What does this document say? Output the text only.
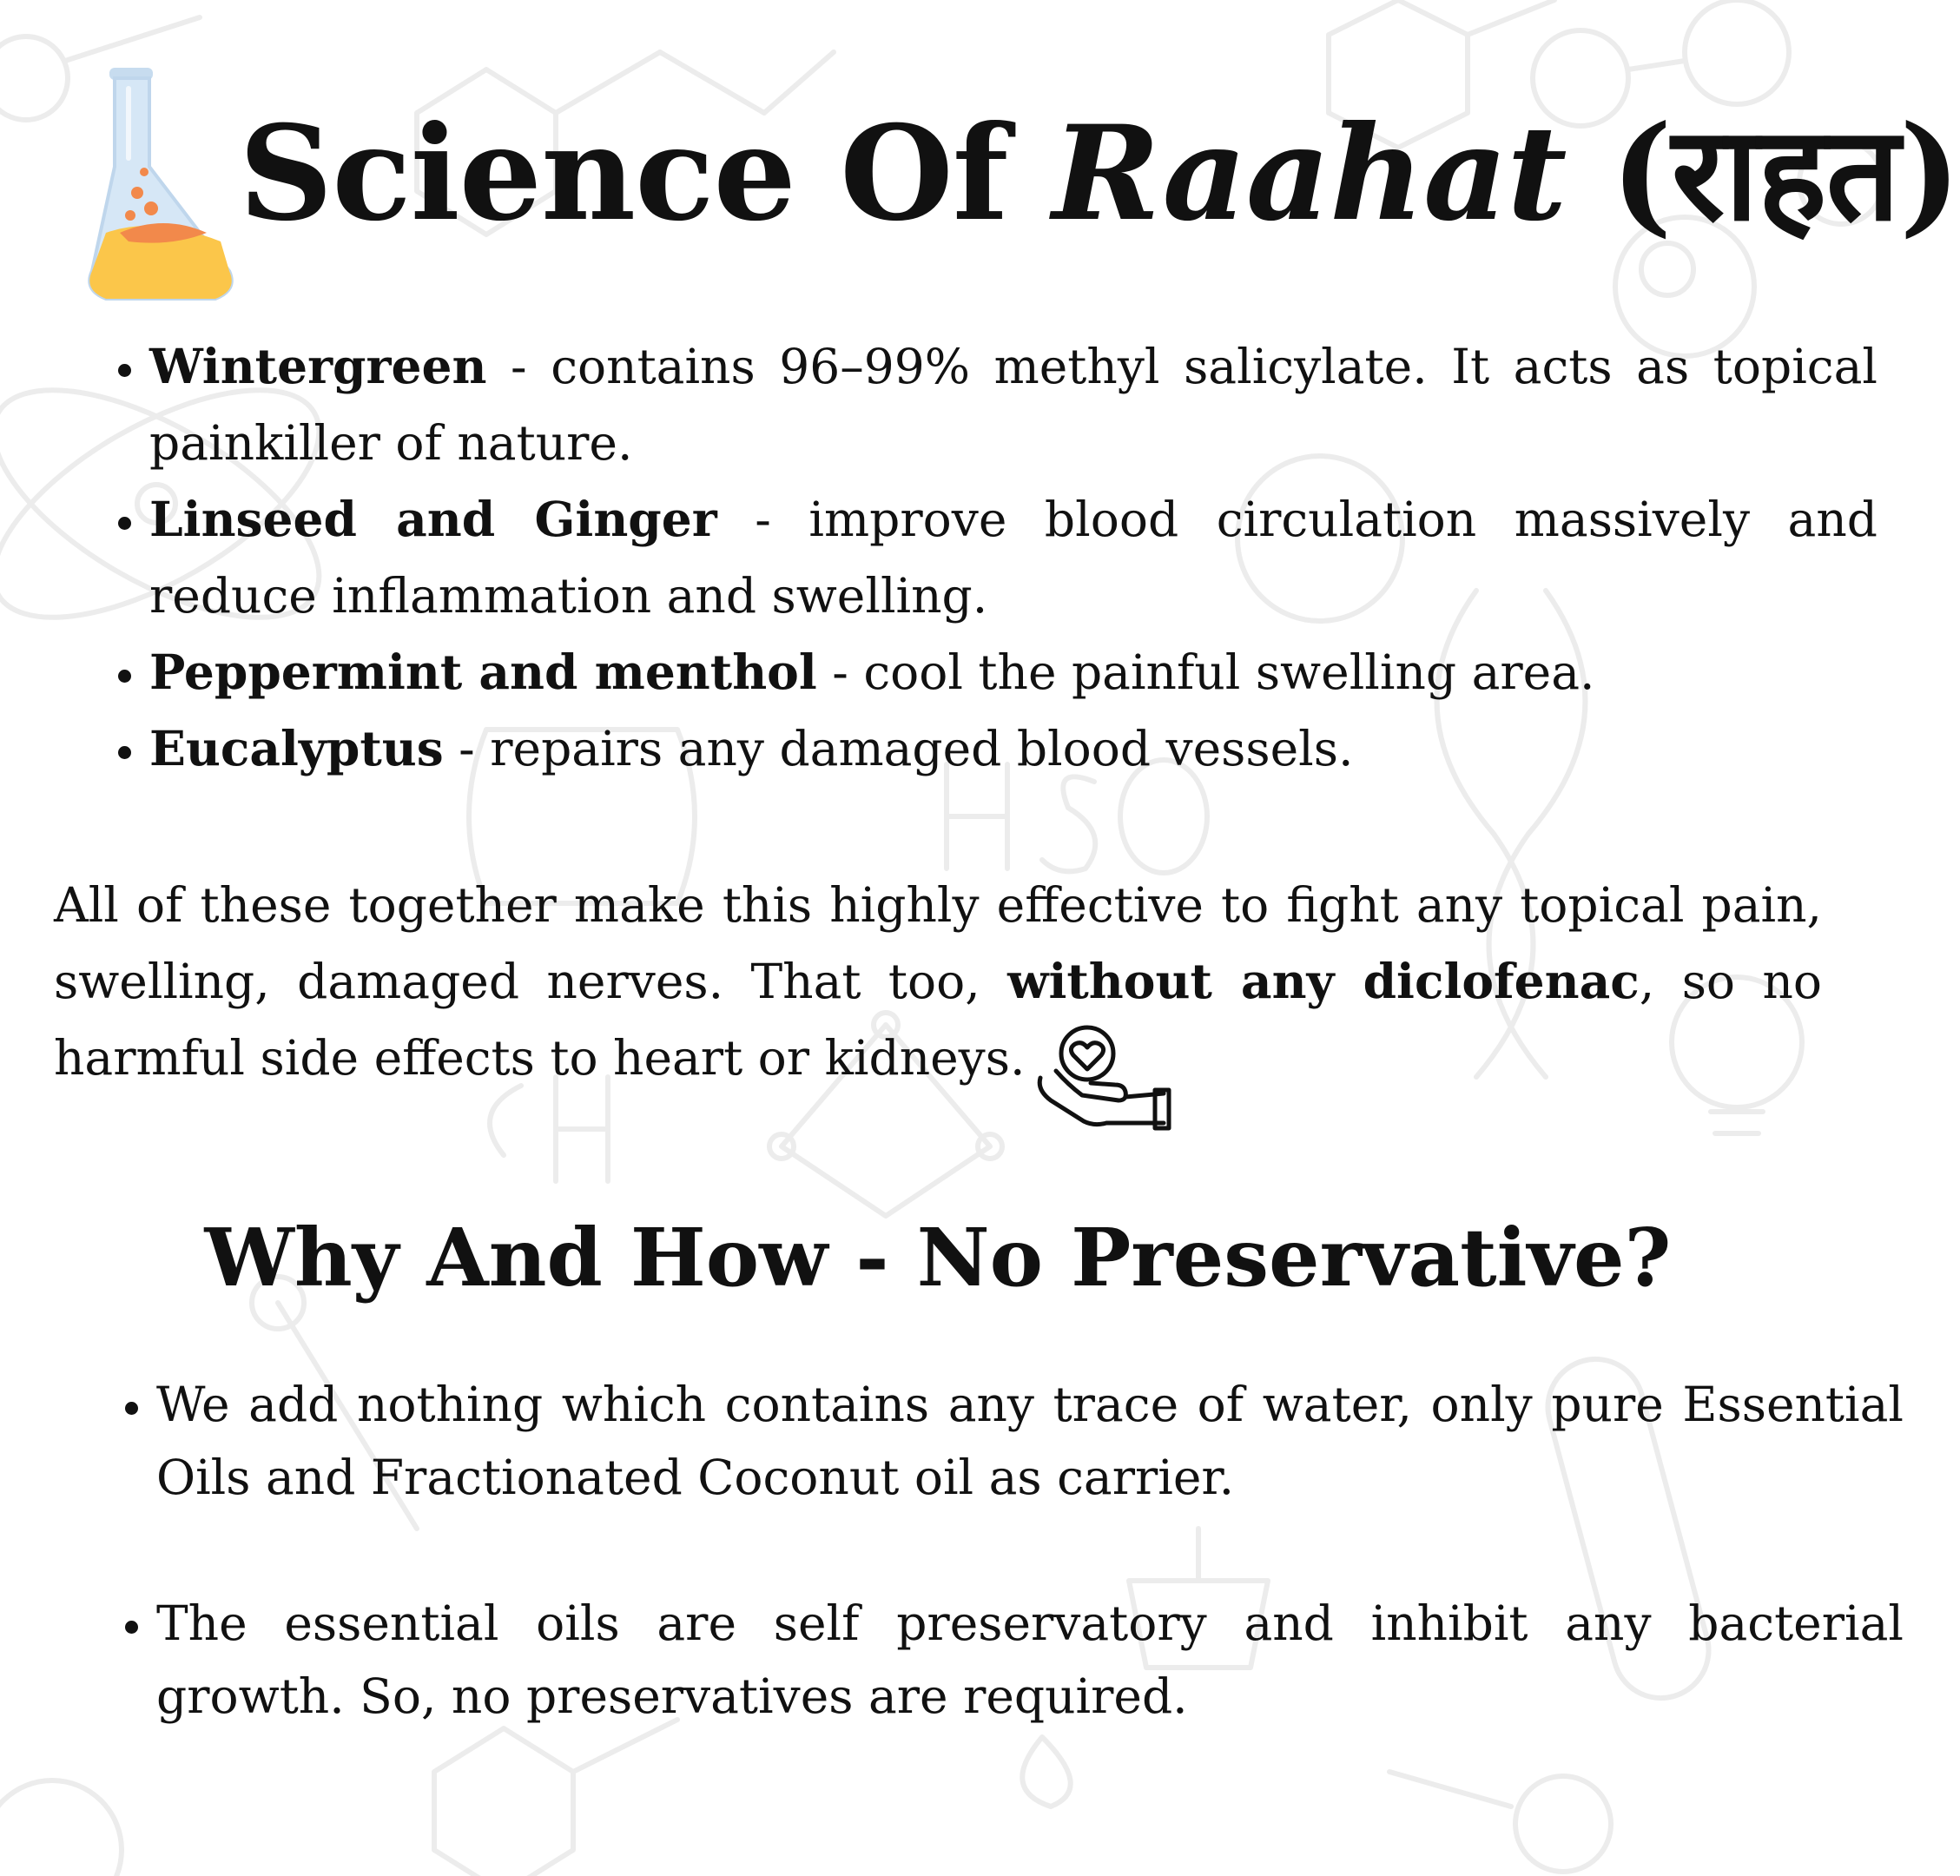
Science Of Raahat (राहत)
• Wintergreen - contains 96–99% methyl salicylate. It acts as topical painkiller of nature.
• Linseed and Ginger - improve blood circulation massively and reduce inflammation and swelling.
• Peppermint and menthol - cool the painful swelling area.
• Eucalyptus - repairs any damaged blood vessels.

All of these together make this highly effective to fight any topical pain, swelling, damaged nerves. That too, without any diclofenac, so no harmful side effects to heart or kidneys.

Why And How - No Preservative?
• We add nothing which contains any trace of water, only pure Essential Oils and Fractionated Coconut oil as carrier.
• The essential oils are self preservatory and inhibit any bacterial growth. So, no preservatives are required.
